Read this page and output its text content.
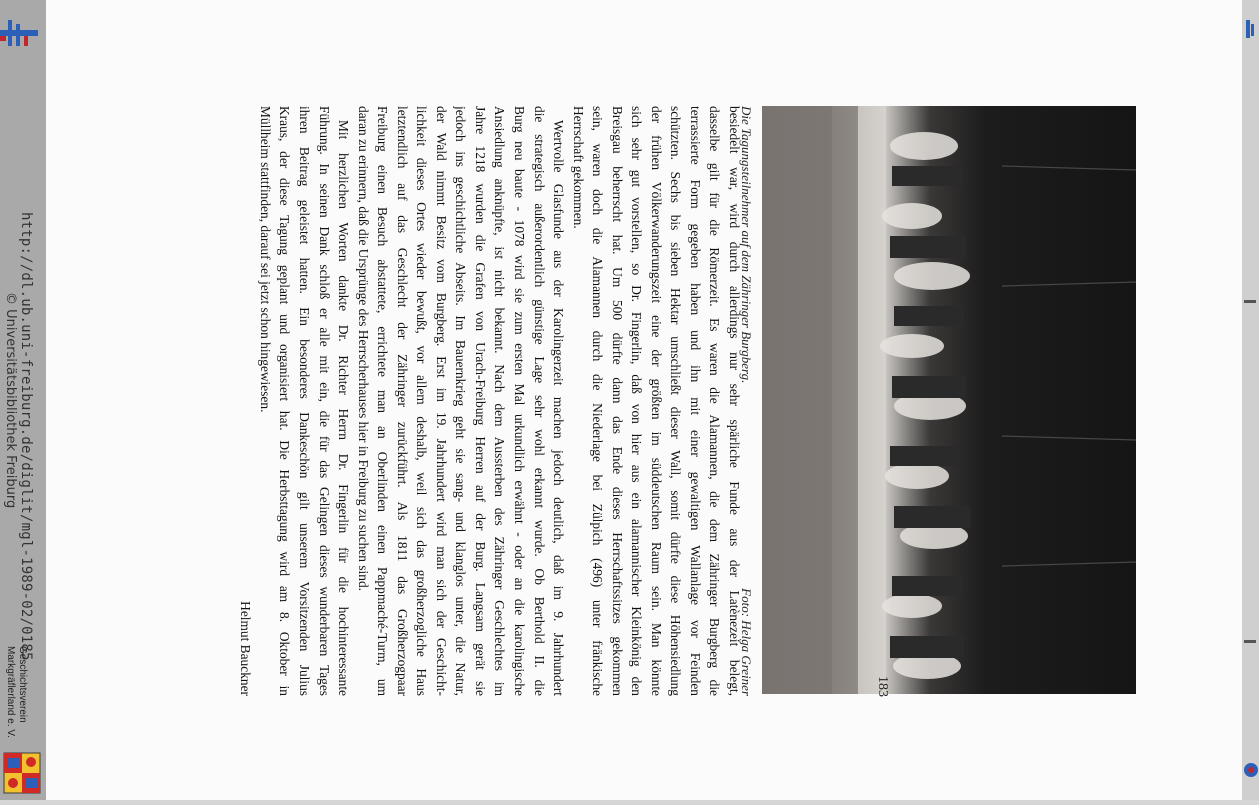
Die Tagungsteilnehmer auf dem Zähringer Burgberg.
Foto: Helga Greiner
besiedelt war, wird durch allerdings nur sehr spärliche Funde aus der Latènezeit belegt,
dasselbe gilt für die Römerzeit. Es waren die Alamannen, die dem Zähringer Burgberg die
terrassierte Form gegeben haben und ihn mit einer gewaltigen Wallanlage vor Feinden
schützten. Sechs bis sieben Hektar umschließt dieser Wall, somit dürfte diese Höhensiedlung
der frühen Völkerwanderungszeit eine der größten im süddeutschen Raum sein. Man könnte
sich sehr gut vorstellen, so Dr. Fingerlin, daß von hier aus ein alamannischer Kleinkönig den
Breisgau beherrscht hat. Um 500 dürfte dann das Ende dieses Herrschaftssitzes gekommen
sein, waren doch die Alamannen durch die Niederlage bei Zülpich (496) unter fränkische
Herrschaft gekommen.
Wertvolle Glasfunde aus der Karolingerzeit machen jedoch deutlich, daß im 9. Jahrhundert
die strategisch außerordentlich günstige Lage sehr wohl erkannt wurde. Ob Berthold II. die
Burg neu baute - 1078 wird sie zum ersten Mal urkundlich erwähnt - oder an die karolingische
Ansiedlung anknüpfte, ist nicht bekannt. Nach dem Aussterben des Zähringer Geschlechtes im
Jahre 1218 wurden die Grafen von Urach-Freiburg Herren auf der Burg. Langsam gerät sie
jedoch ins geschichtliche Abseits. Im Bauernkrieg geht sie sang- und klanglos unter, die Natur,
der Wald nimmt Besitz vom Burgberg. Erst im 19. Jahrhundert wird man sich der Geschicht-
lichkeit dieses Ortes wieder bewußt, vor allem deshalb, weil sich das großherzogliche Haus
letztendlich auf das Geschlecht der Zähringer zurückführt. Als 1811 das Großherzogpaar
Freiburg einen Besuch abstattete, errichtete man an Oberlinden einen Pappmaché-Turm, um
daran zu erinnern, daß die Ursprünge des Herrscherhauses hier in Freiburg zu suchen sind.
Mit herzlichen Worten dankte Dr. Richter Herrn Dr. Fingerlin für die hochinteressante
Führung. In seinen Dank schloß er alle mit ein, die für das Gelingen dieses wunderbaren Tages
ihren Beitrag geleistet hatten. Ein besonderes Dankeschön gilt unserem Vorsitzenden Julius
Kraus, der diese Tagung geplant und organisiert hat. Die Herbsttagung wird am 8. Oktober in
Müllheim stattfinden, darauf sei jetzt schon hingewiesen.
Helmut Bauckner	183
http://dl.ub.uni-freiburg.de/diglit/mgl-1989-02/0185
© Universitätsbibliothek Freiburg
Geschichtsverein
Markgräflerland e. V.
